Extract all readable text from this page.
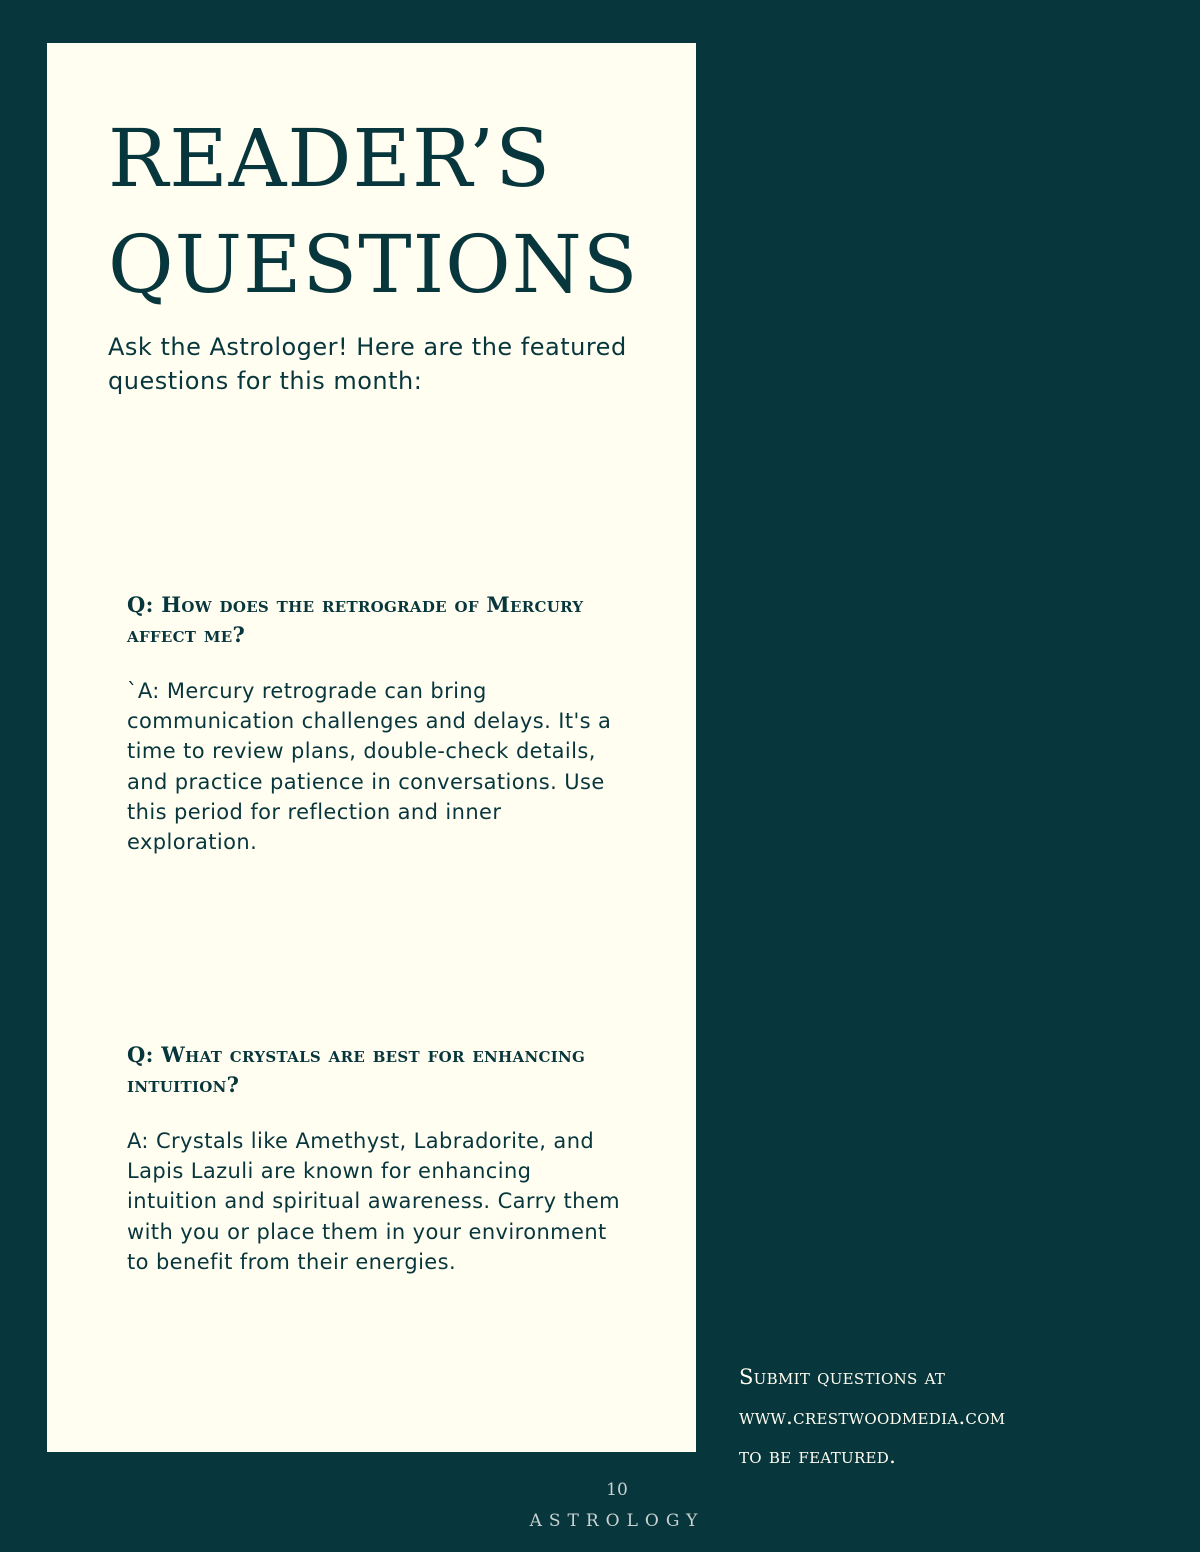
READER’S
QUESTIONS

Ask the Astrologer! Here are the featured questions for this month:

Q: How does the retrograde of Mercury affect me?

`A: Mercury retrograde can bring communication challenges and delays. It's a time to review plans, double-check details, and practice patience in conversations. Use this period for reflection and inner exploration.

Q: What crystals are best for enhancing intuition?

A: Crystals like Amethyst, Labradorite, and Lapis Lazuli are known for enhancing intuition and spiritual awareness. Carry them with you or place them in your environment to benefit from their energies.

Submit questions at
www.crestwoodmedia.com
to be featured.
10
ASTROLOGY
